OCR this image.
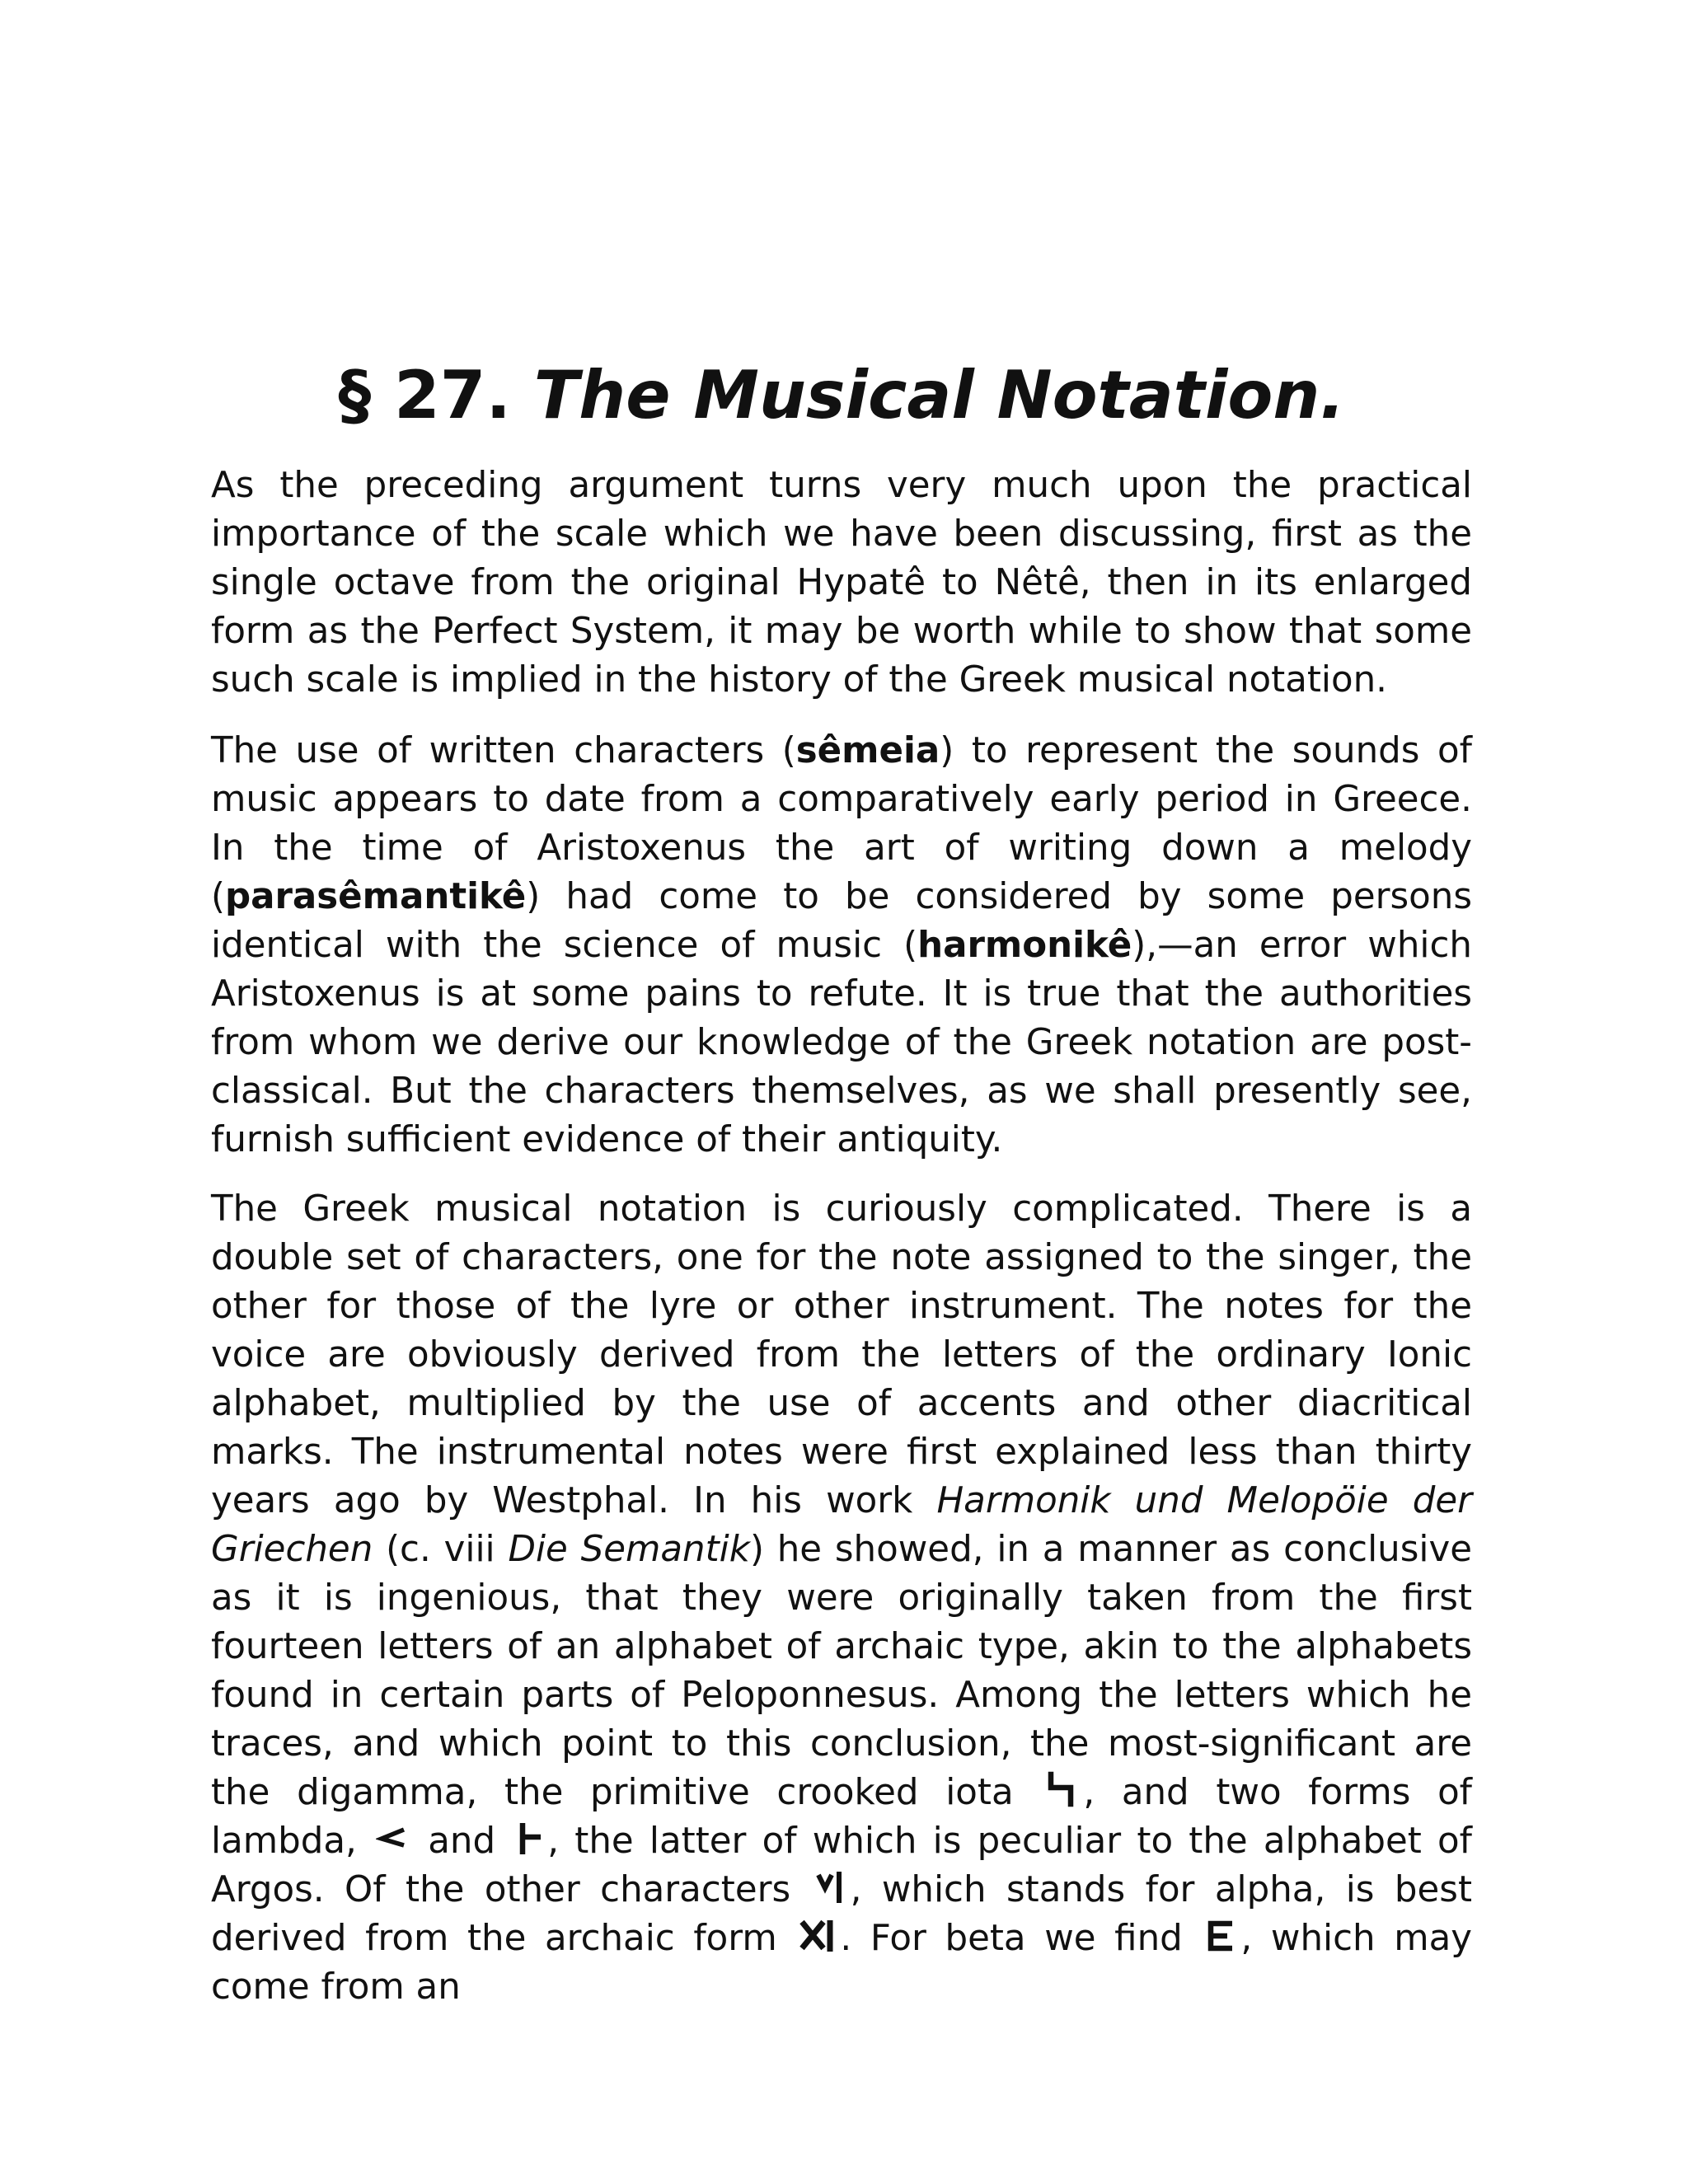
§ 27. The Musical Notation.

As the preceding argument turns very much upon the practical importance of the scale which we have been discussing, first as the single octave from the original Hypatê to Nêtê, then in its enlarged form as the Perfect System, it may be worth while to show that some such scale is implied in the history of the Greek musical notation.

The use of written characters (sêmeia) to represent the sounds of music appears to date from a comparatively early period in Greece. In the time of Aristoxenus the art of writing down a melody (parasêmantikê) had come to be considered by some persons identical with the science of music (harmonikê),—an error which Aristoxenus is at some pains to refute. It is true that the authorities from whom we derive our knowledge of the Greek notation are post-classical. But the characters themselves, as we shall presently see, furnish sufficient evidence of their antiquity.

The Greek musical notation is curiously complicated. There is a double set of characters, one for the note assigned to the singer, the other for those of the lyre or other instrument. The notes for the voice are obviously derived from the letters of the ordinary Ionic alphabet, multiplied by the use of accents and other diacritical marks. The instrumental notes were first explained less than thirty years ago by Westphal. In his work Harmonik und Melopöie der Griechen (c. viii Die Semantik) he showed, in a manner as conclusive as it is ingenious, that they were originally taken from the first fourteen letters of an alphabet of archaic type, akin to the alphabets found in certain parts of Peloponnesus. Among the letters which he traces, and which point to this conclusion, the most-significant are the digamma, the primitive crooked iota , and two forms of lambda, and , the latter of which is peculiar to the alphabet of Argos. Of the other characters , which stands for alpha, is best derived from the archaic form . For beta we find , which may come from an
